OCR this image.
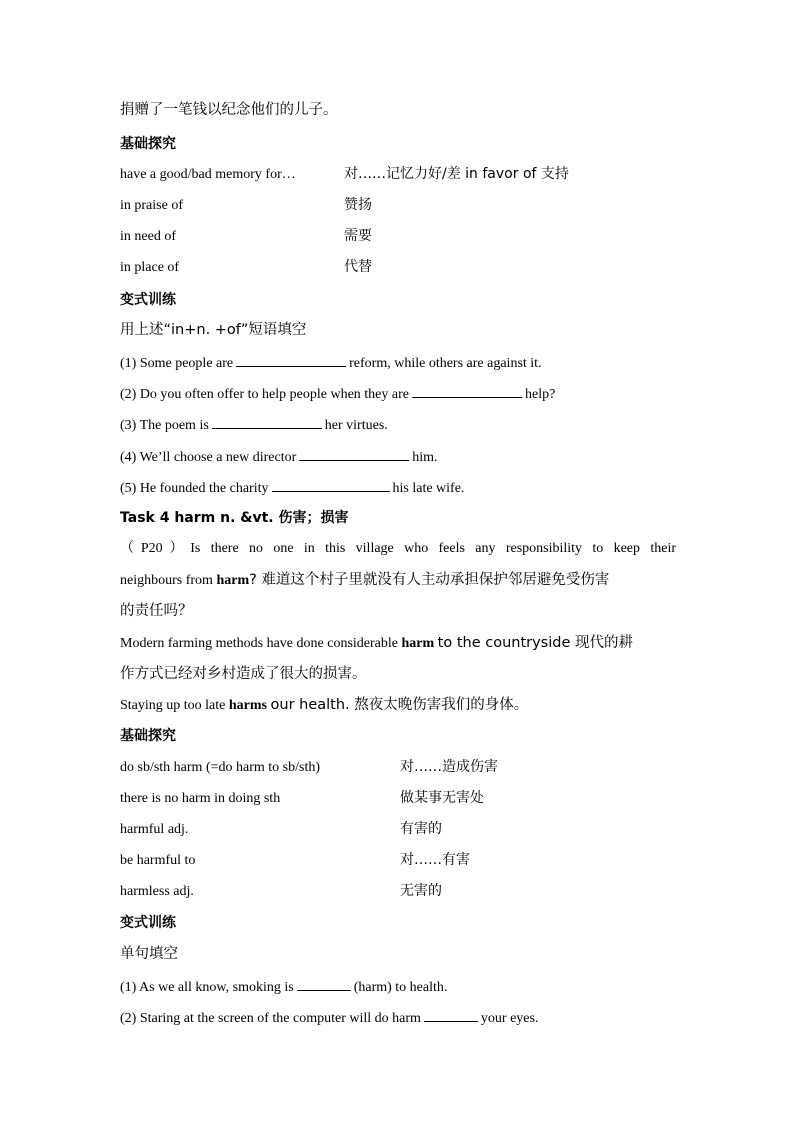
捐赠了一笔钱以纪念他们的儿子。
基础探究
have a good/bad memory for…	对……记忆力好/差 in favor of 支持
in praise of	赞扬
in need of	需要
in place of	代替
变式训练
用上述“in+n. +of”短语填空
(1) Some people are	reform, while others are against it.
(2) Do you often offer to help people when they are	help?
(3) The poem is	her virtues.
(4) We’ll choose a new director	him.
(5) He founded the charity	his late wife.
Task 4 harm n. &vt. 伤害；损害
（P20）Is there no one in this village who feels any responsibility to keep their
neighbours from harm? 难道这个村子里就没有人主动承担保护邻居避免受伤害
的责任吗？
Modern farming methods have done considerable harm to the countryside 现代的耕
作方式已经对乡村造成了很大的损害。
Staying up too late harms our health. 熬夜太晚伤害我们的身体。
基础探究
do sb/sth harm (=do harm to sb/sth)	对……造成伤害
there is no harm in doing sth	做某事无害处
harmful adj.	有害的
be harmful to	对……有害
harmless adj.	无害的
变式训练
单句填空
(1) As we all know, smoking is	(harm) to health.
(2) Staring at the screen of the computer will do harm	your eyes.
